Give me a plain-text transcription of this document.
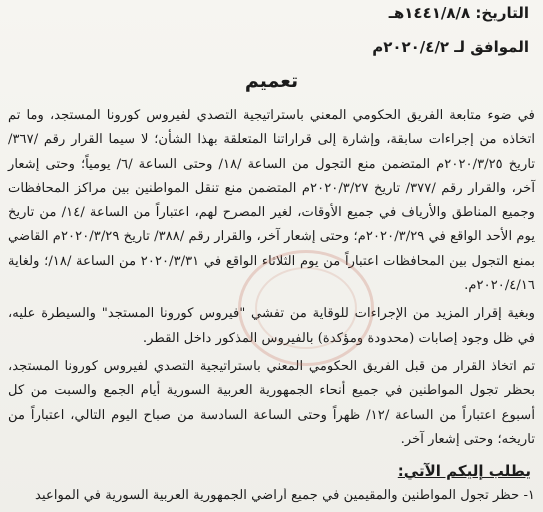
التاريخ: ١٤٤١/٨/٨هـ
الموافق لـ ٢٠٢٠/٤/٢م
تعميم

في ضوء متابعة الفريق الحكومي المعني باستراتيجية التصدي لفيروس كورونا المستجد، وما تم اتخاذه من إجراءات سابقة، وإشارة إلى قراراتنا المتعلقة بهذا الشأن؛ لا سيما القرار رقم /٣٦٧/ تاريخ ٢٠٢٠/٣/٢٥م المتضمن منع التجول من الساعة /١٨/ وحتى الساعة /٦/ يومياً؛ وحتى إشعار آخر، والقرار رقم /٣٧٧/ تاريخ ٢٠٢٠/٣/٢٧م المتضمن منع تنقل المواطنين بين مراكز المحافظات وجميع المناطق والأرياف في جميع الأوقات، لغير المصرح لهم، اعتباراً من الساعة /١٤/ من تاريخ يوم الأحد الواقع في ٢٠٢٠/٣/٢٩م؛ وحتى إشعار آخر، والقرار رقم /٣٨٨/ تاريخ ٢٠٢٠/٣/٢٩م القاضي بمنع التجول بين المحافظات اعتباراً من يوم الثلاثاء الواقع في ٢٠٢٠/٣/٣١ من الساعة /١٨/؛ ولغاية ٢٠٢٠/٤/١٦م.

وبغية إقرار المزيد من الإجراءات للوقاية من تفشي "فيروس كورونا المستجد" والسيطرة عليه، في ظل وجود إصابات (محدودة ومؤكدة) بالفيروس المذكور داخل القطر.

تم اتخاذ القرار من قبل الفريق الحكومي المعني باستراتيجية التصدي لفيروس كورونا المستجد، بحظر تجول المواطنين في جميع أنحاء الجمهورية العربية السورية أيام الجمع والسبت من كل أسبوع اعتباراً من الساعة /١٢/ ظهراً وحتى الساعة السادسة من صباح اليوم التالي، اعتباراً من تاريخه؛ وحتى إشعار آخر.

يطلب إليكم الآتي:
١- حظر تجول المواطنين والمقيمين في جميع أراضي الجمهورية العربية السورية في المواعيد
